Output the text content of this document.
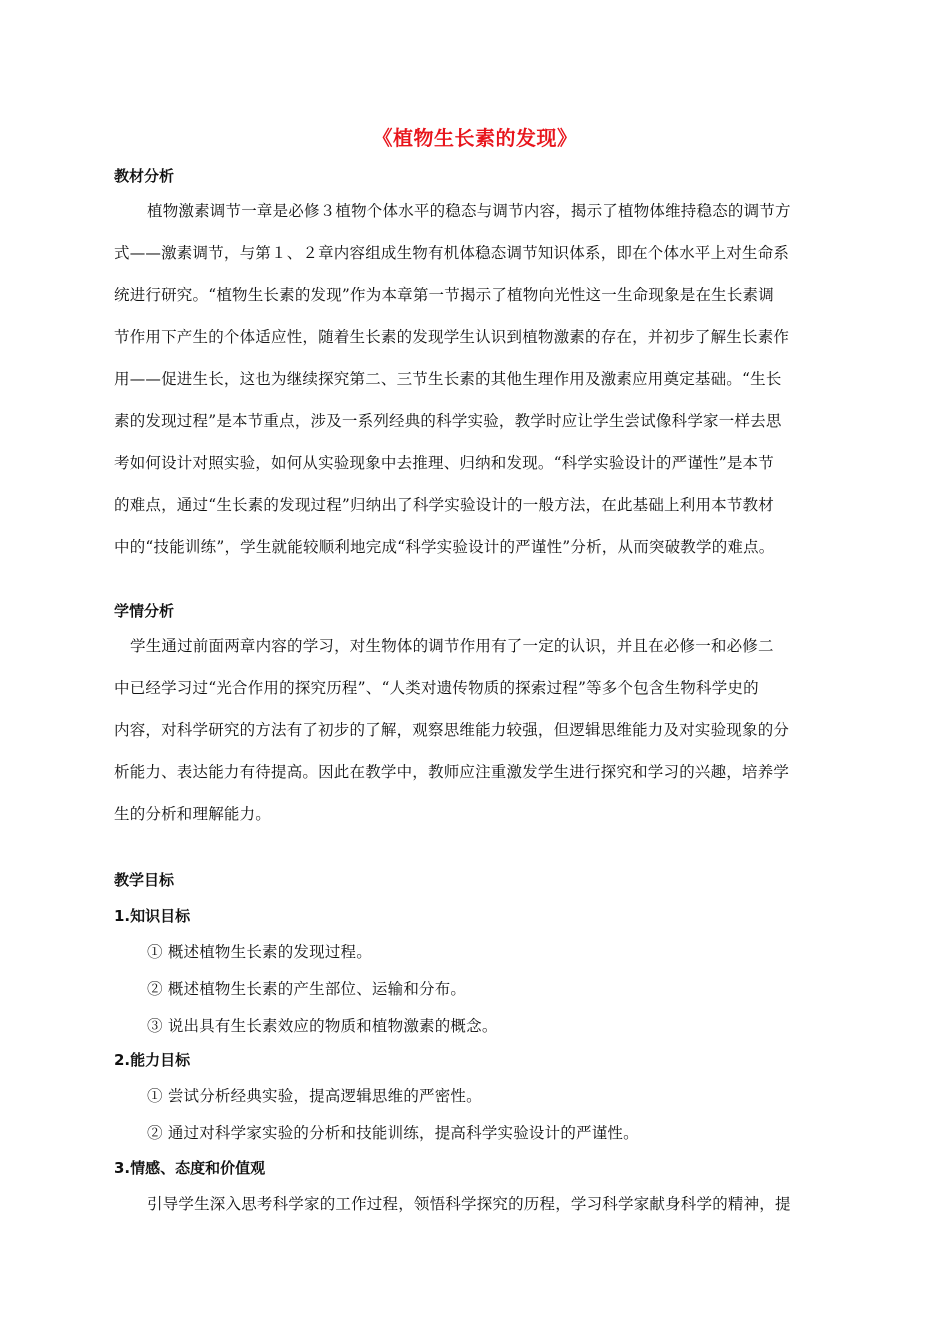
《植物生长素的发现》
教材分析
植物激素调节一章是必修３植物个体水平的稳态与调节内容，揭示了植物体维持稳态的调节方
式——激素调节，与第１、２章内容组成生物有机体稳态调节知识体系，即在个体水平上对生命系
统进行研究。“植物生长素的发现”作为本章第一节揭示了植物向光性这一生命现象是在生长素调
节作用下产生的个体适应性，随着生长素的发现学生认识到植物激素的存在，并初步了解生长素作
用——促进生长，这也为继续探究第二、三节生长素的其他生理作用及激素应用奠定基础。“生长
素的发现过程”是本节重点，涉及一系列经典的科学实验，教学时应让学生尝试像科学家一样去思
考如何设计对照实验，如何从实验现象中去推理、归纳和发现。“科学实验设计的严谨性”是本节
的难点，通过“生长素的发现过程”归纳出了科学实验设计的一般方法，在此基础上利用本节教材
中的“技能训练”，学生就能较顺利地完成“科学实验设计的严谨性”分析，从而突破教学的难点。
学情分析
学生通过前面两章内容的学习，对生物体的调节作用有了一定的认识，并且在必修一和必修二
中已经学习过“光合作用的探究历程”、“人类对遗传物质的探索过程”等多个包含生物科学史的
内容，对科学研究的方法有了初步的了解，观察思维能力较强，但逻辑思维能力及对实验现象的分
析能力、表达能力有待提高。因此在教学中，教师应注重激发学生进行探究和学习的兴趣，培养学
生的分析和理解能力。
教学目标
1.知识目标
① 概述植物生长素的发现过程。
② 概述植物生长素的产生部位、运输和分布。
③ 说出具有生长素效应的物质和植物激素的概念。
2.能力目标
① 尝试分析经典实验，提高逻辑思维的严密性。
② 通过对科学家实验的分析和技能训练，提高科学实验设计的严谨性。
3.情感、态度和价值观
引导学生深入思考科学家的工作过程，领悟科学探究的历程，学习科学家献身科学的精神，提
